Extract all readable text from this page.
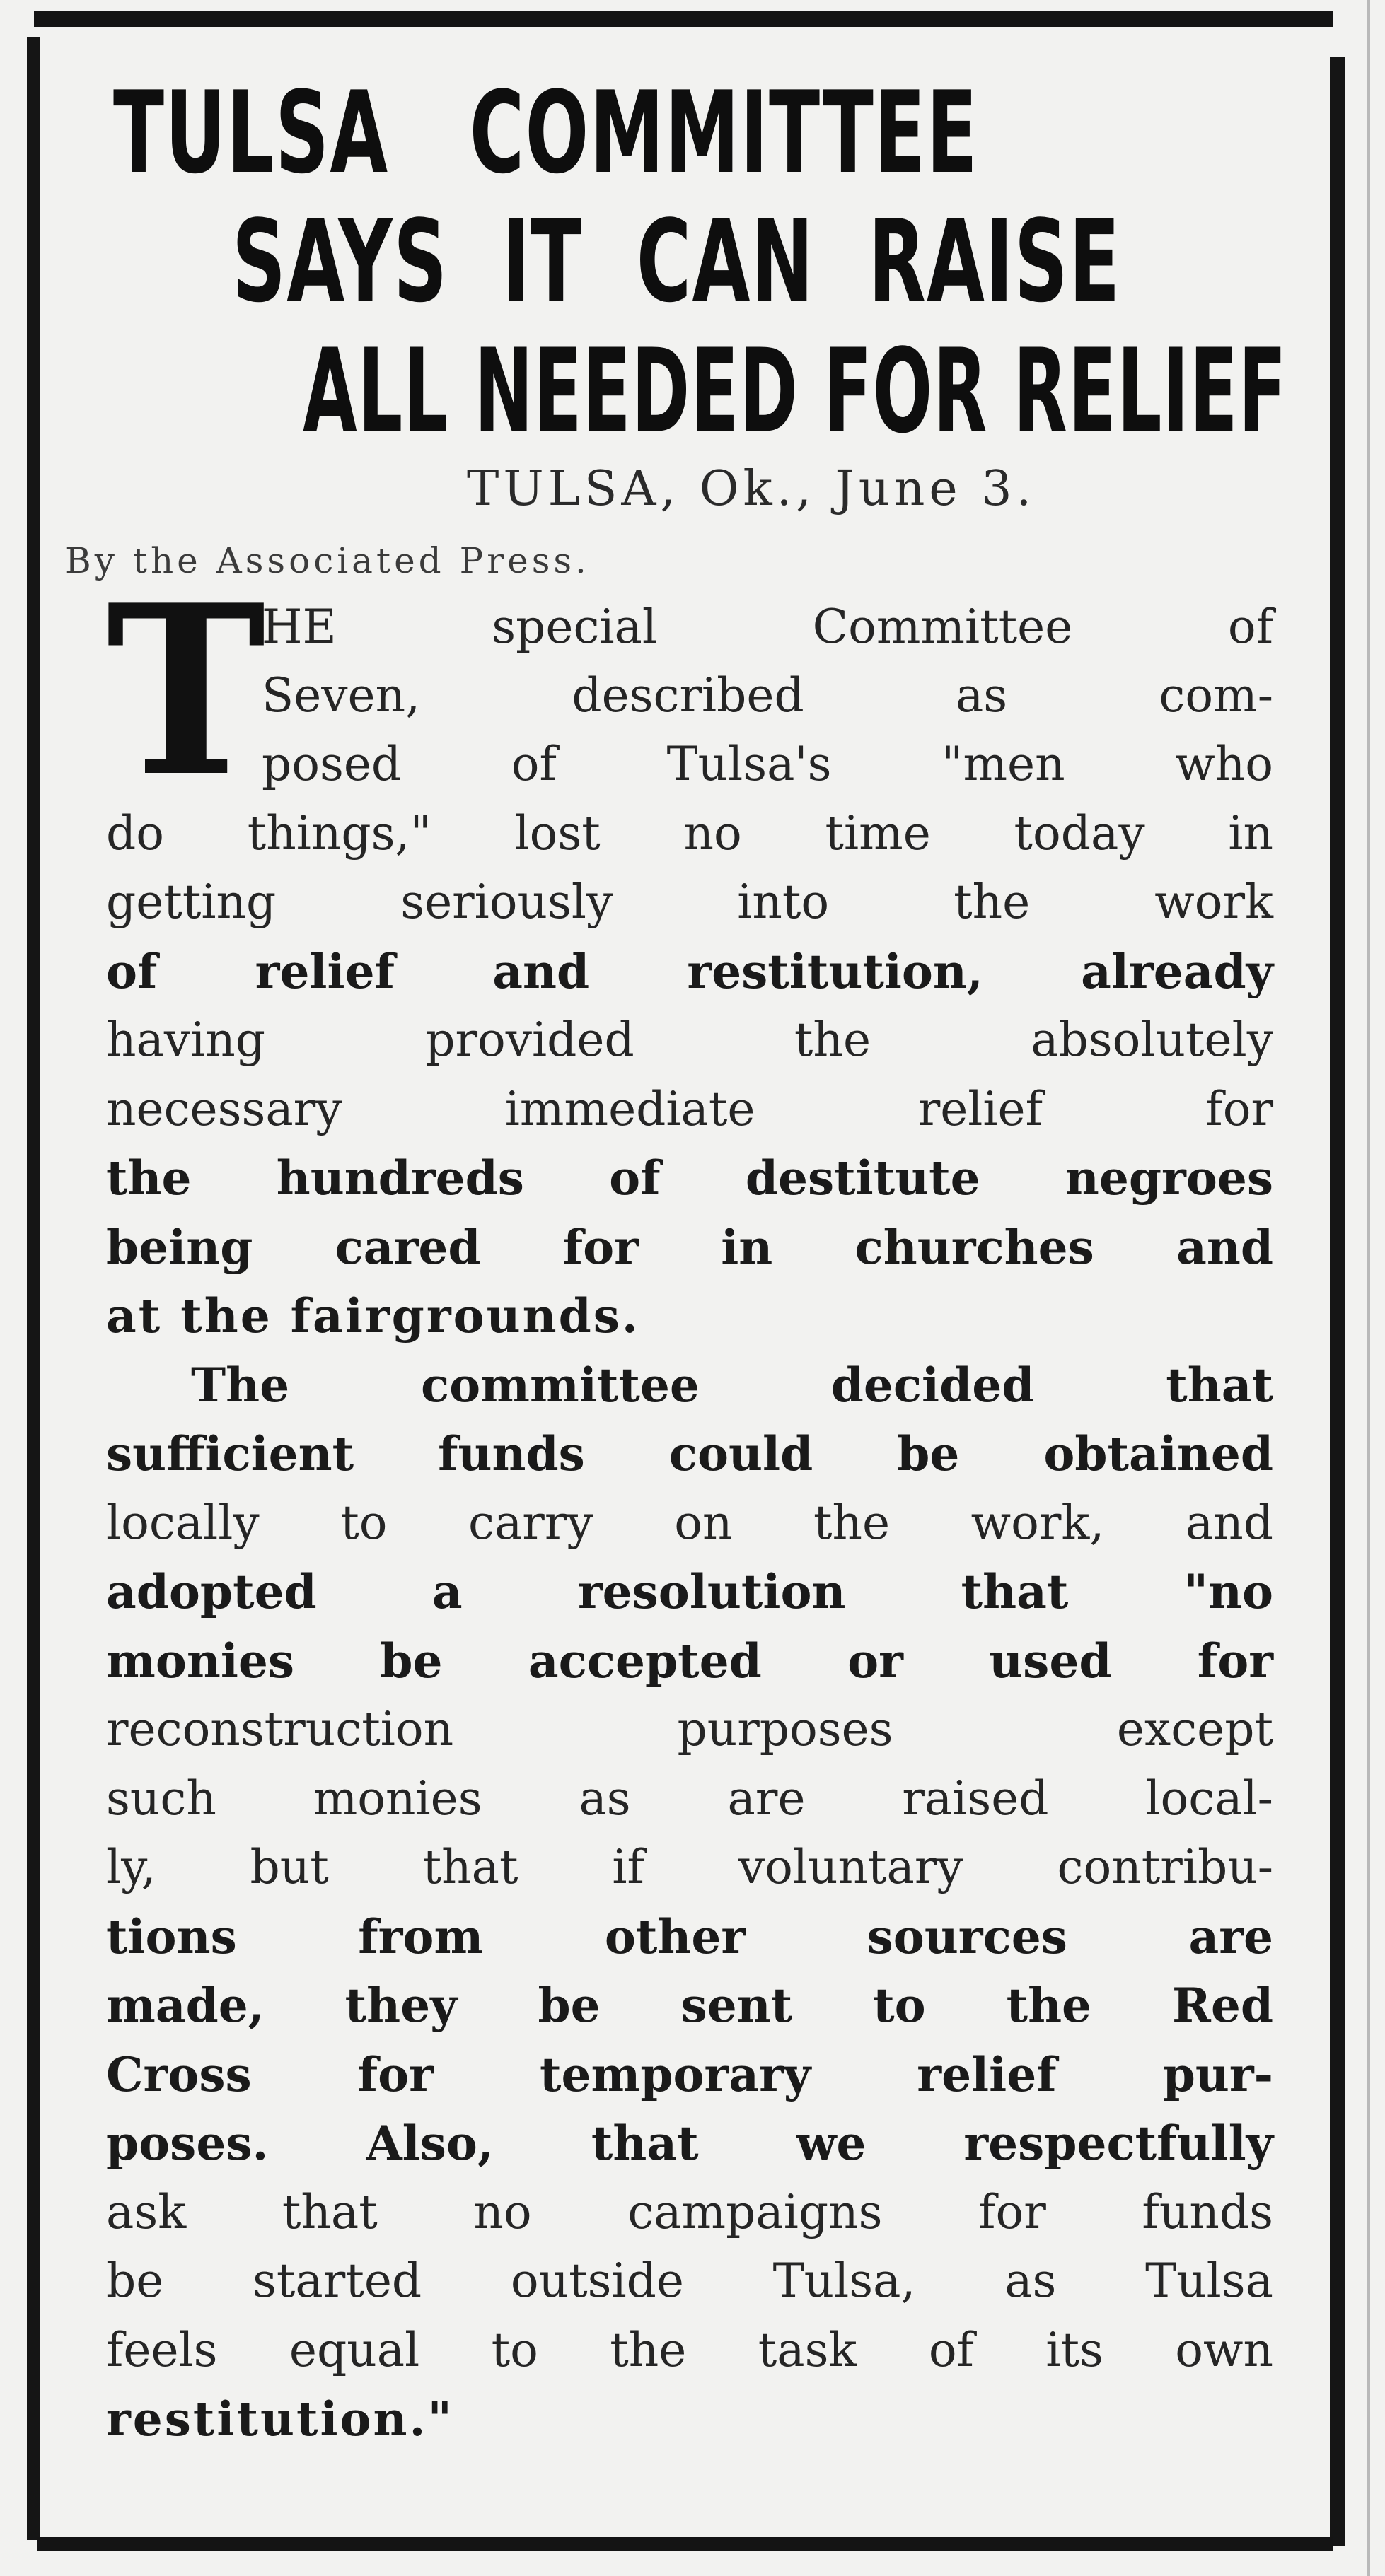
TULSA   COMMITTEE
SAYS  IT  CAN  RAISE
ALL NEEDED FOR RELIEF
TULSA, Ok., June 3.
By the Associated Press.
T
HE special Committee of
Seven, described as com-
posed of Tulsa's "men who
do things," lost no time today in
getting seriously into the work
of relief and restitution, already
having provided the absolutely
necessary immediate relief for
the hundreds of destitute negroes
being cared for in churches and
at the fairgrounds.
The committee decided that
sufficient funds could be obtained
locally to carry on the work, and
adopted a resolution that "no
monies be accepted or used for
reconstruction purposes except
such monies as are raised local-
ly, but that if voluntary contribu-
tions from other sources are
made, they be sent to the Red
Cross for temporary relief pur-
poses. Also, that we respectfully
ask that no campaigns for funds
be started outside Tulsa, as Tulsa
feels equal to the task of its own
restitution."
